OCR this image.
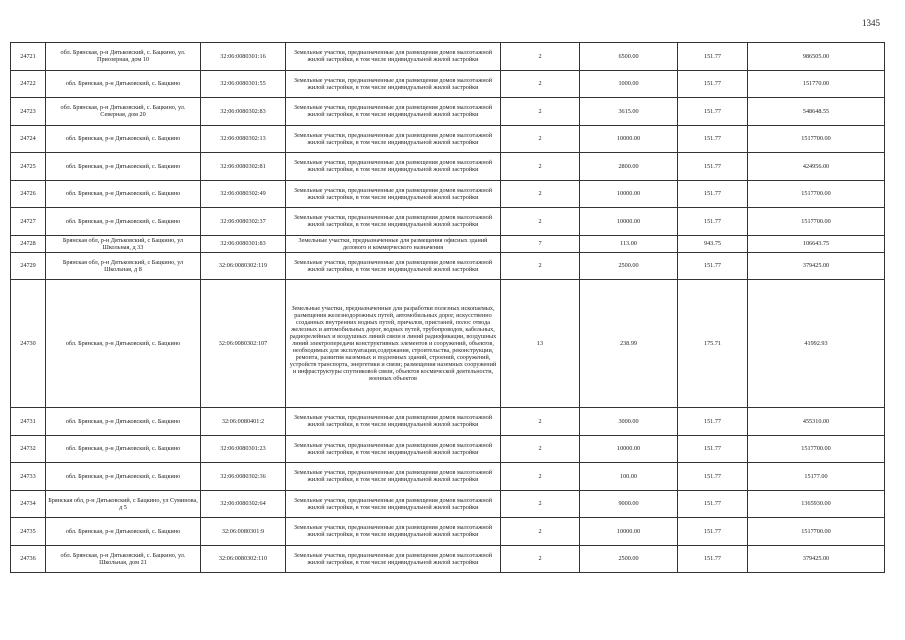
1345
24721	обл. Брянская, р-н Дятьковский, с. Бацкино, ул. Приозерная, дом 10	32:06:0080301:16	Земельные участки, предназначенные для размещения домов малоэтажной жилой застройки, в том числе индивидуальной жилой застройки	2	6500.00	151.77	986505.00
24722	обл. Брянская, р-н Дятьковский, с. Бацкино	32:06:0080301:55	Земельные участки, предназначенные для размещения домов малоэтажной жилой застройки, в том числе индивидуальной жилой застройки	2	1000.00	151.77	151770.00
24723	обл. Брянская, р-н Дятьковский, с. Бацкино, ул. Северная, дом 20	32:06:0080302:83	Земельные участки, предназначенные для размещения домов малоэтажной жилой застройки, в том числе индивидуальной жилой застройки	2	3615.00	151.77	548648.55
24724	обл. Брянская, р-н Дятьковский, с. Бацкино	32:06:0080302:13	Земельные участки, предназначенные для размещения домов малоэтажной жилой застройки, в том числе индивидуальной жилой застройки	2	10000.00	151.77	1517700.00
24725	обл. Брянская, р-н Дятьковский, с. Бацкино	32:06:0080302:81	Земельные участки, предназначенные для размещения домов малоэтажной жилой застройки, в том числе индивидуальной жилой застройки	2	2800.00	151.77	424956.00
24726	обл. Брянская, р-н Дятьковский, с. Бацкино	32:06:0080302:49	Земельные участки, предназначенные для размещения домов малоэтажной жилой застройки, в том числе индивидуальной жилой застройки	2	10000.00	151.77	1517700.00
24727	обл. Брянская, р-н Дятьковский, с. Бацкино	32:06:0080302:37	Земельные участки, предназначенные для размещения домов малоэтажной жилой застройки, в том числе индивидуальной жилой застройки	2	10000.00	151.77	1517700.00
24728	Брянская обл, р-н Дятьковский, с Бацкино, ул Школьная, д 33	32:06:0080301:83	Земельные участки, предназначенные для размещения офисных зданий делового и коммерческого назначения	7	113.00	943.75	106643.75
24729	Брянская обл, р-н Дятьковский, с Бацкино, ул Школьная, д 8	32:06:0080302:119	Земельные участки, предназначенные для размещения домов малоэтажной жилой застройки, в том числе индивидуальной жилой застройки	2	2500.00	151.77	379425.00
24730	обл. Брянская, р-н Дятьковский, с. Бацкино	32:06:0080302:107	Земельные участки, предназначенные для разработки полезных ископаемых, размещения железнодорожных путей, автомобильных дорог, искусственно созданных внутренних водных путей, причалов, пристаней, полос отвода железных и автомобильных дорог, водных путей, трубопроводов, кабельных, радиорелейных и воздушных линий связи и линий радиофикации, воздушных линий электропередачи конструктивных элементов и сооружений, объектов, необходимых для эксплуатации,содержания, строительства, реконструкции, ремонта, развития наземных и подземных зданий, строений, сооружений, устройств транспорта, энергетики и связи; размещения наземных сооружений и инфраструктуры спутниковой связи, объектов космической деятельности, военных объектов	13	238.99	175.71	41992.93
24731	обл. Брянская, р-н Дятьковский, с. Бацкино	32:06:0080401:2	Земельные участки, предназначенные для размещения домов малоэтажной жилой застройки, в том числе индивидуальной жилой застройки	2	3000.00	151.77	455310.00
24732	обл. Брянская, р-н Дятьковский, с. Бацкино	32:06:0080301:23	Земельные участки, предназначенные для размещения домов малоэтажной жилой застройки, в том числе индивидуальной жилой застройки	2	10000.00	151.77	1517700.00
24733	обл. Брянская, р-н Дятьковский, с. Бацкино	32:06:0080302:36	Земельные участки, предназначенные для размещения домов малоэтажной жилой застройки, в том числе индивидуальной жилой застройки	2	100.00	151.77	15177.00
24734	Брянская обл, р-н Дятьковский, с Бацкино, ул Суминова, д 5	32:06:0080302:64	Земельные участки, предназначенные для размещения домов малоэтажной жилой застройки, в том числе индивидуальной жилой застройки	2	9000.00	151.77	1365930.00
24735	обл. Брянская, р-н Дятьковский, с. Бацкино	32:06:0080301:9	Земельные участки, предназначенные для размещения домов малоэтажной жилой застройки, в том числе индивидуальной жилой застройки	2	10000.00	151.77	1517700.00
24736	обл. Брянская, р-н Дятьковский, с. Бацкино, ул. Школьная, дом 21	32:06:0080302:110	Земельные участки, предназначенные для размещения домов малоэтажной жилой застройки, в том числе индивидуальной жилой застройки	2	2500.00	151.77	379425.00
